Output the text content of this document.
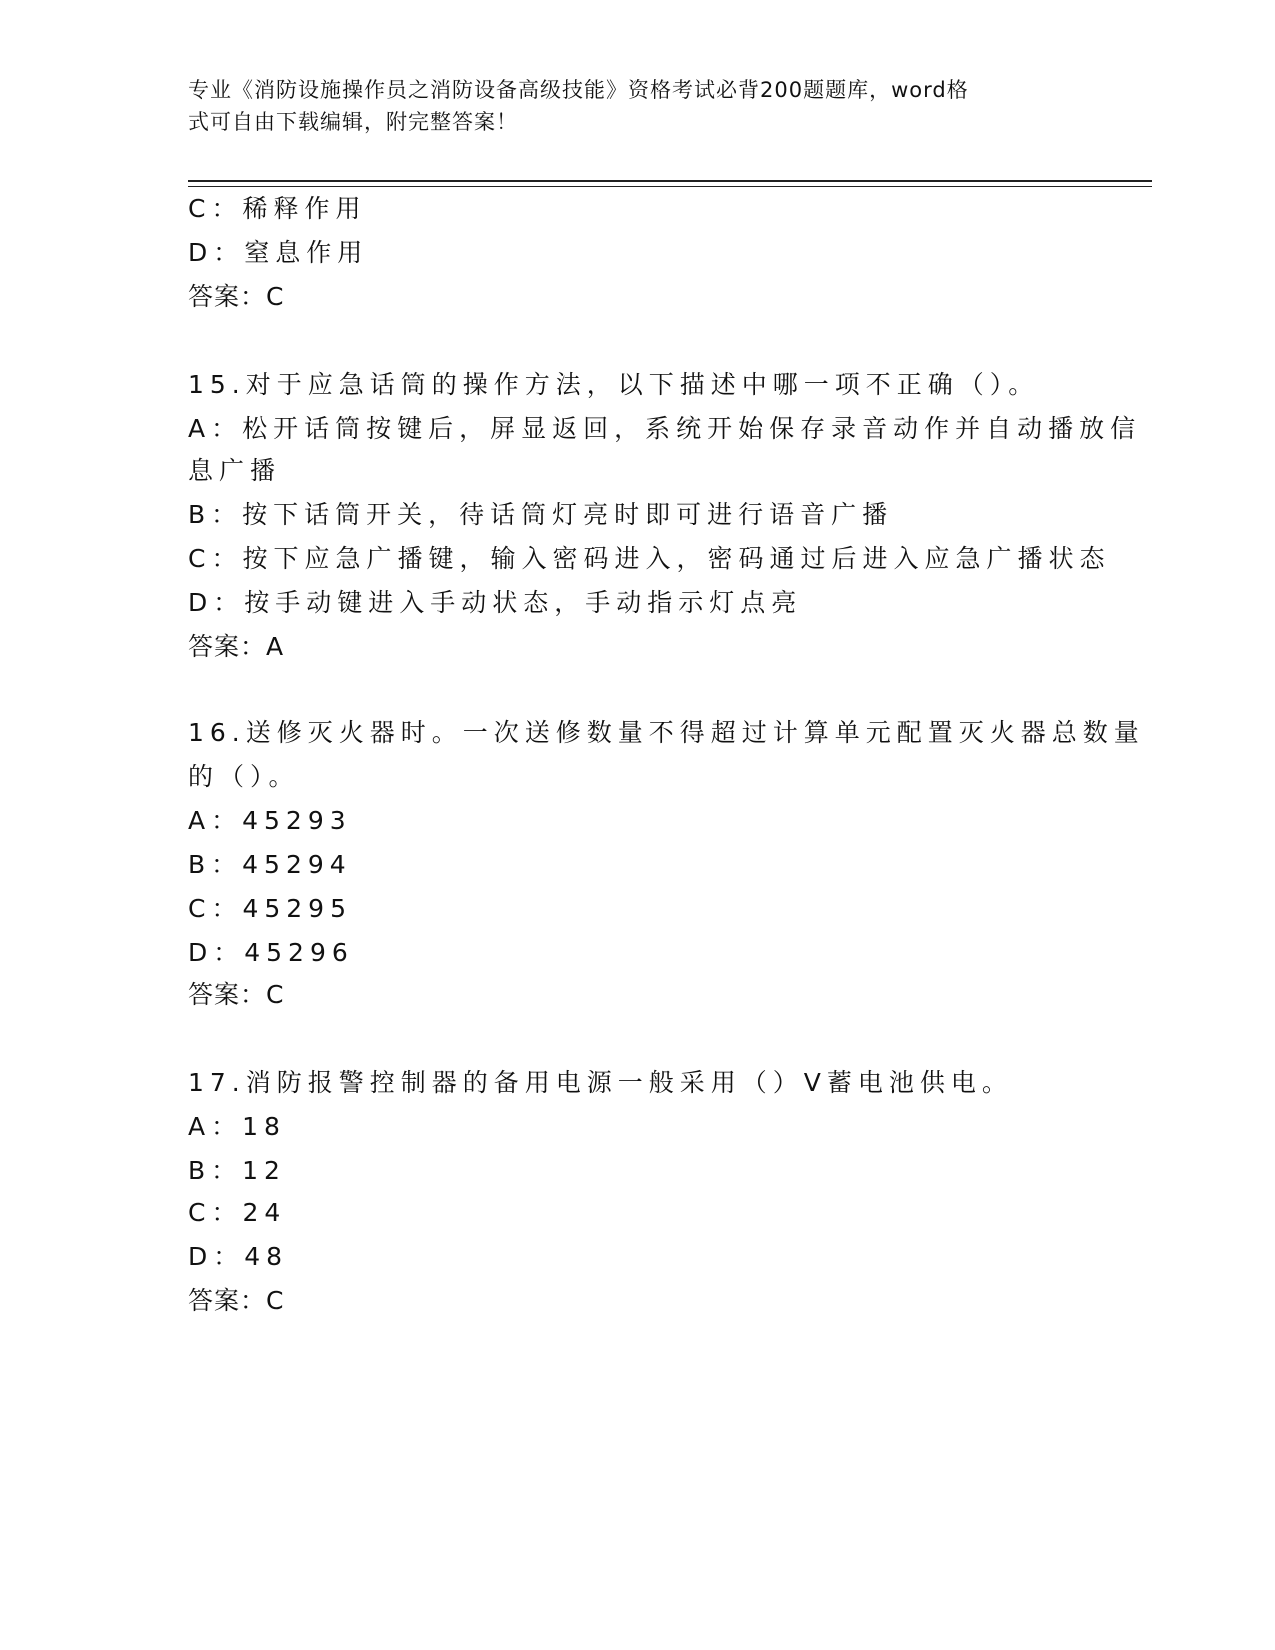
专业《消防设施操作员之消防设备高级技能》资格考试必背200题题库，word格
式可自由下载编辑，附完整答案！
C：稀释作用
D：窒息作用
答案：C
15.对于应急话筒的操作方法，以下描述中哪一项不正确（）。
A：松开话筒按键后，屏显返回，系统开始保存录音动作并自动播放信
息广播
B：按下话筒开关，待话筒灯亮时即可进行语音广播
C：按下应急广播键，输入密码进入，密码通过后进入应急广播状态
D：按手动键进入手动状态，手动指示灯点亮
答案：A
16.送修灭火器时。一次送修数量不得超过计算单元配置灭火器总数量
的（）。
A：45293
B：45294
C：45295
D：45296
答案：C
17.消防报警控制器的备用电源一般采用（）V蓄电池供电。
A：18
B：12
C：24
D：48
答案：C
